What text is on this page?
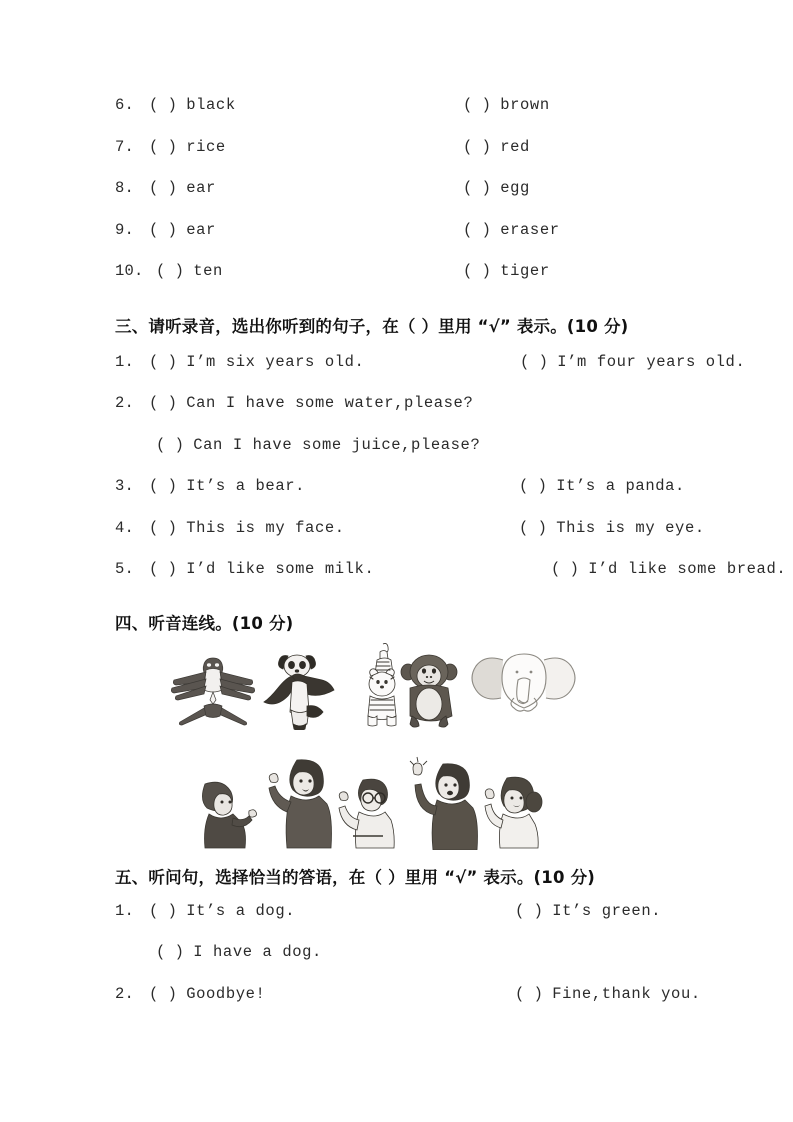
6. ( ) black	( ) brown
7. ( ) rice	( ) red
8. ( ) ear	( ) egg
9. ( ) ear	( ) eraser
10. ( ) ten	( ) tiger
三、请听录音，选出你听到的句子，在（ ）里用 “√” 表示。(10 分)
1. ( ) I’m six years old.	( ) I’m four years old.
2. ( ) Can I have some water,please?
( ) Can I have some juice,please?
3. ( ) It’s a bear.	( ) It’s a panda.
4. ( ) This is my face.	( ) This is my eye.
5. ( ) I’d like some milk.	( ) I’d like some bread.
四、听音连线。(10 分)
五、听问句，选择恰当的答语，在（ ）里用 “√” 表示。(10 分)
1. ( ) It’s a dog.	( ) It’s green.
( ) I have a dog.
2. ( ) Goodbye!	( ) Fine,thank you.
